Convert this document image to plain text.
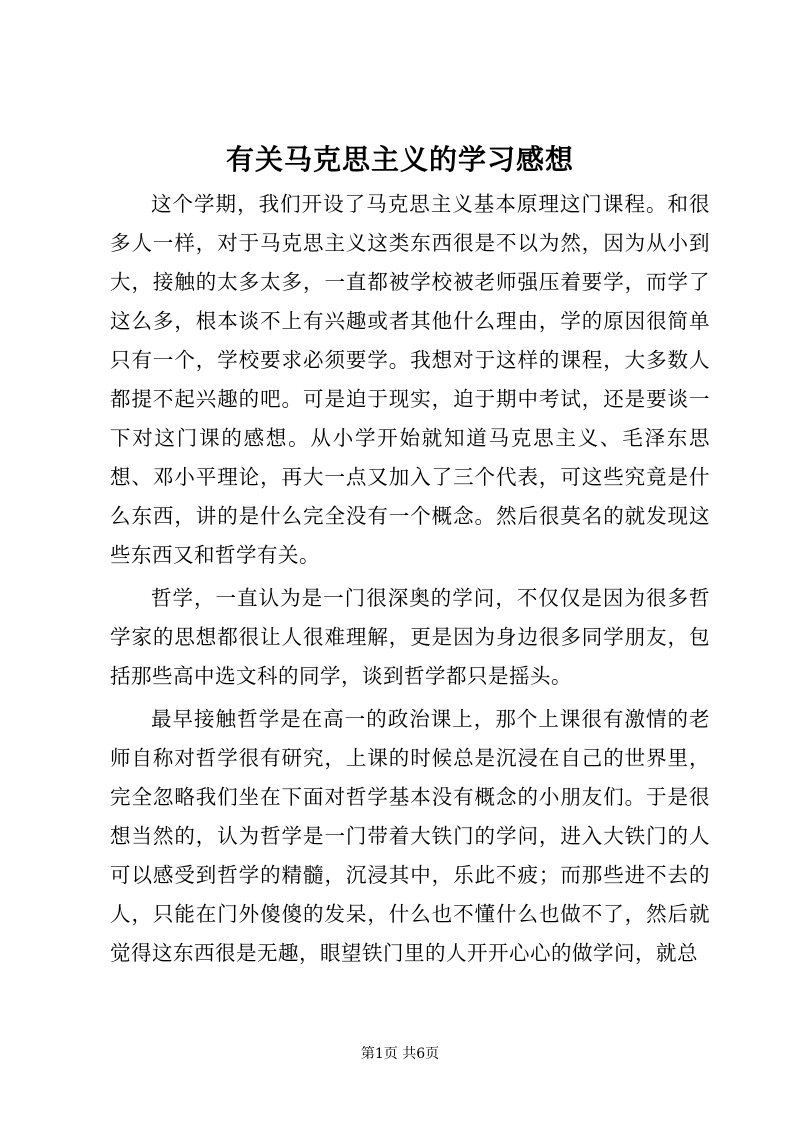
有关马克思主义的学习感想

这个学期，我们开设了马克思主义基本原理这门课程。和很多人一样，对于马克思主义这类东西很是不以为然，因为从小到大，接触的太多太多，一直都被学校被老师强压着要学，而学了这么多，根本谈不上有兴趣或者其他什么理由，学的原因很简单只有一个，学校要求必须要学。我想对于这样的课程，大多数人都提不起兴趣的吧。可是迫于现实，迫于期中考试，还是要谈一下对这门课的感想。从小学开始就知道马克思主义、毛泽东思想、邓小平理论，再大一点又加入了三个代表，可这些究竟是什么东西，讲的是什么完全没有一个概念。然后很莫名的就发现这些东西又和哲学有关。

哲学，一直认为是一门很深奥的学问，不仅仅是因为很多哲学家的思想都很让人很难理解，更是因为身边很多同学朋友，包括那些高中选文科的同学，谈到哲学都只是摇头。

最早接触哲学是在高一的政治课上，那个上课很有激情的老师自称对哲学很有研究，上课的时候总是沉浸在自己的世界里，完全忽略我们坐在下面对哲学基本没有概念的小朋友们。于是很想当然的，认为哲学是一门带着大铁门的学问，进入大铁门的人可以感受到哲学的精髓，沉浸其中，乐此不疲；而那些进不去的人，只能在门外傻傻的发呆，什么也不懂什么也做不了，然后就觉得这东西很是无趣，眼望铁门里的人开开心心的做学问，就总

第1页 共6页
